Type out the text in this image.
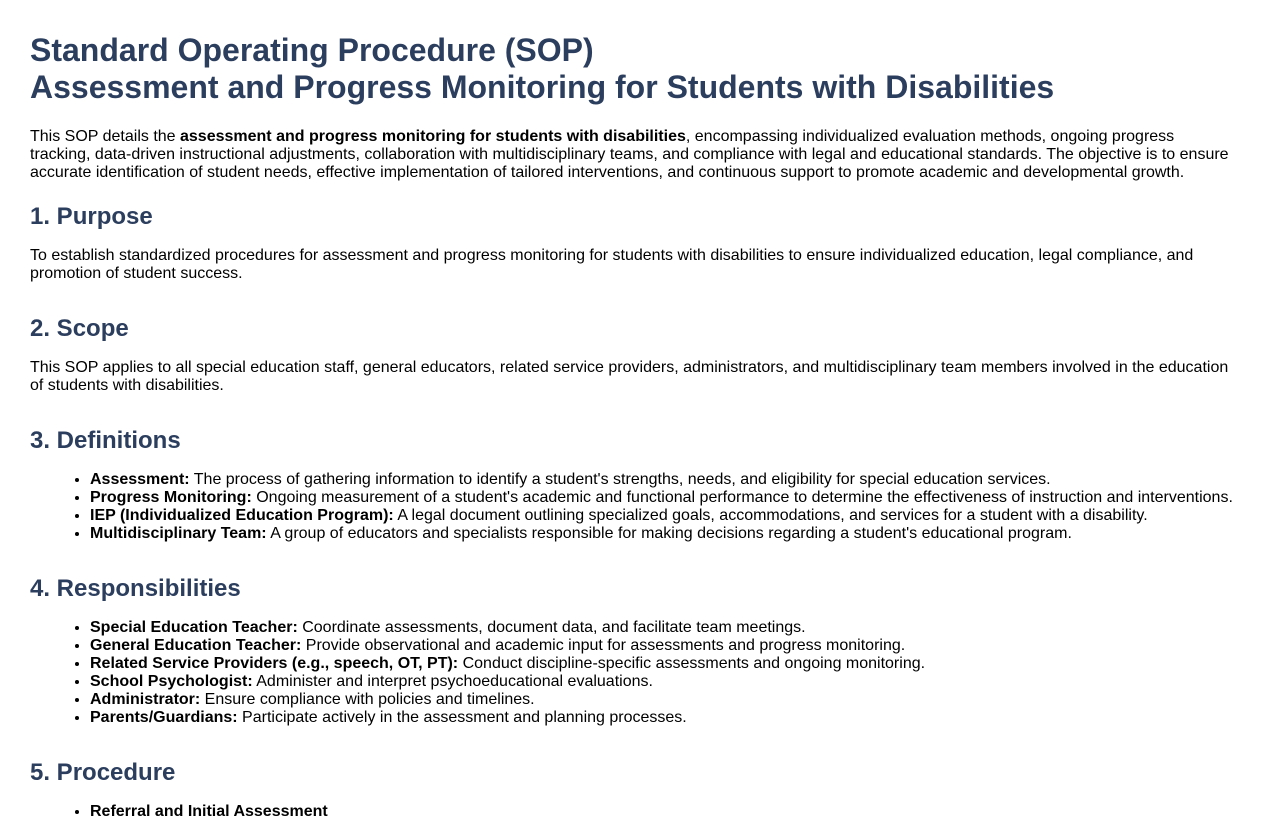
Standard Operating Procedure (SOP)
Assessment and Progress Monitoring for Students with Disabilities

This SOP details the assessment and progress monitoring for students with disabilities, encompassing individualized evaluation methods, ongoing progress tracking, data-driven instructional adjustments, collaboration with multidisciplinary teams, and compliance with legal and educational standards. The objective is to ensure accurate identification of student needs, effective implementation of tailored interventions, and continuous support to promote academic and developmental growth.

1. Purpose

To establish standardized procedures for assessment and progress monitoring for students with disabilities to ensure individualized education, legal compliance, and promotion of student success.

2. Scope

This SOP applies to all special education staff, general educators, related service providers, administrators, and multidisciplinary team members involved in the education of students with disabilities.

3. Definitions
• Assessment: The process of gathering information to identify a student's strengths, needs, and eligibility for special education services.
• Progress Monitoring: Ongoing measurement of a student's academic and functional performance to determine the effectiveness of instruction and interventions.
• IEP (Individualized Education Program): A legal document outlining specialized goals, accommodations, and services for a student with a disability.
• Multidisciplinary Team: A group of educators and specialists responsible for making decisions regarding a student's educational program.
4. Responsibilities
• Special Education Teacher: Coordinate assessments, document data, and facilitate team meetings.
• General Education Teacher: Provide observational and academic input for assessments and progress monitoring.
• Related Service Providers (e.g., speech, OT, PT): Conduct discipline-specific assessments and ongoing monitoring.
• School Psychologist: Administer and interpret psychoeducational evaluations.
• Administrator: Ensure compliance with policies and timelines.
• Parents/Guardians: Participate actively in the assessment and planning processes.
5. Procedure
• Referral and Initial Assessment
